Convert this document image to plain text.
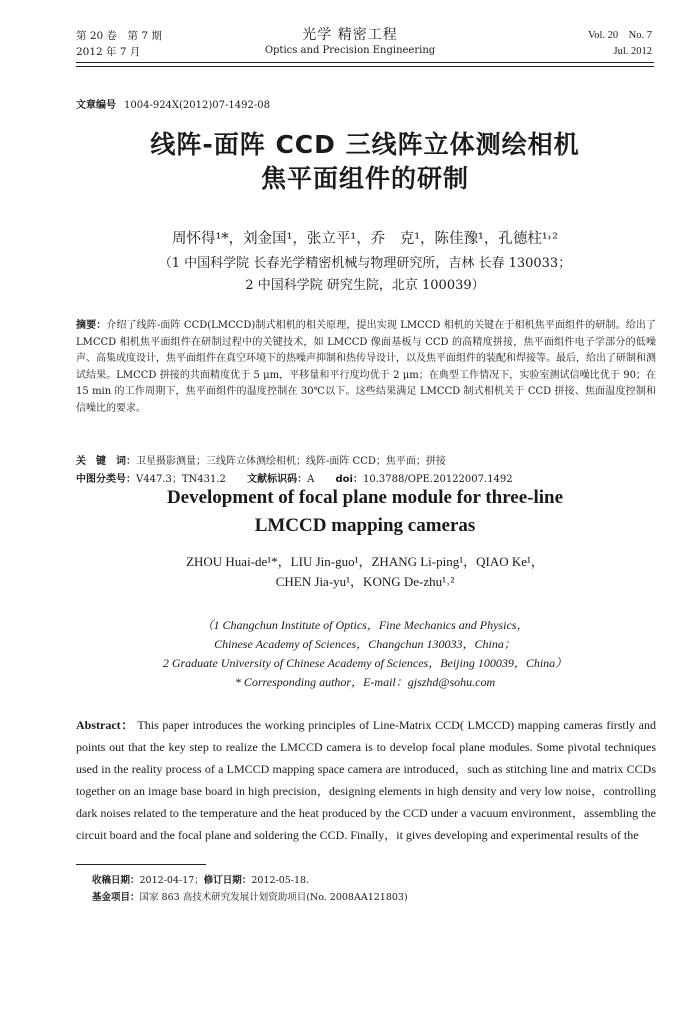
第 20 卷　第 7 期
2012 年 7 月
光学 精密工程
Optics and Precision Engineering
Vol. 20　No. 7
Jul. 2012
文章编号 1004-924X(2012)07-1492-08
线阵-面阵 CCD 三线阵立体测绘相机
焦平面组件的研制
周怀得¹*，刘金国¹，张立平¹，乔　克¹，陈佳豫¹，孔德柱¹˒²
（1 中国科学院 长春光学精密机械与物理研究所，吉林 长春 130033；
2 中国科学院 研究生院，北京 100039）
摘要：介绍了线阵-面阵 CCD(LMCCD)制式相机的相关原理，提出实现 LMCCD 相机的关键在于相机焦平面组件的研制。给出了 LMCCD 相机焦平面组件在研制过程中的关键技术，如 LMCCD 像面基板与 CCD 的高精度拼接，焦平面组件电子学部分的低噪声、高集成度设计，焦平面组件在真空环境下的热噪声抑制和热传导设计，以及焦平面组件的装配和焊接等。最后，给出了研制和测试结果。LMCCD 拼接的共面精度优于 5 μm，平移量和平行度均优于 2 μm；在典型工作情况下，实验室测试信噪比优于 90；在 15 min 的工作周期下，焦平面组件的温度控制在 30℃以下。这些结果满足 LMCCD 制式相机关于 CCD 拼接、焦面温度控制和信噪比的要求。
关　键　词：卫星摄影测量；三线阵立体测绘相机；线阵-面阵 CCD；焦平面；拼接
中图分类号：V447.3；TN431.2 文献标识码：A doi：10.3788/OPE.20122007.1492
Development of focal plane module for three-line
LMCCD mapping cameras
ZHOU Huai-de¹*，LIU Jin-guo¹，ZHANG Li-ping¹，QIAO Ke¹，
CHEN Jia-yu¹，KONG De-zhu¹˒²
（1 Changchun Institute of Optics，Fine Mechanics and Physics，
Chinese Academy of Sciences，Changchun 130033，China；
2 Graduate University of Chinese Academy of Sciences，Beijing 100039，China）
* Corresponding author，E-mail：gjszhd@sohu.com
Abstract： This paper introduces the working principles of Line-Matrix CCD( LMCCD) mapping cameras firstly and points out that the key step to realize the LMCCD camera is to develop focal plane modules. Some pivotal techniques used in the reality process of a LMCCD mapping space camera are introduced，such as stitching line and matrix CCDs together on an image base board in high precision，designing elements in high density and very low noise，controlling dark noises related to the temperature and the heat produced by the CCD under a vacuum environment，assembling the circuit board and the focal plane and soldering the CCD. Finally，it gives developing and experimental results of the
收稿日期：2012-04-17；修订日期：2012-05-18.
基金项目：国家 863 高技术研究发展计划资助项目(No. 2008AA121803)
